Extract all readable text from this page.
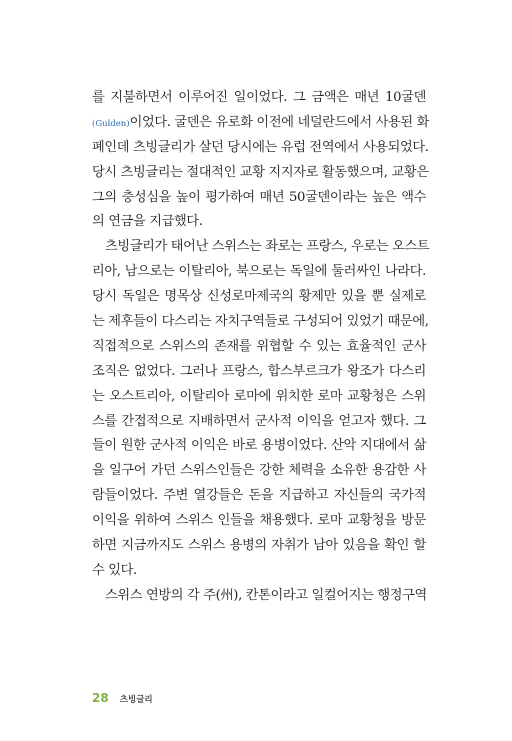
를 지불하면서 이루어진 일이었다. 그 금액은 매년 10굴덴
(Gulden)이었다. 굴덴은 유로화 이전에 네덜란드에서 사용된 화
폐인데 츠빙글리가 살던 당시에는 유럽 전역에서 사용되었다.
당시 츠빙글리는 절대적인 교황 지지자로 활동했으며, 교황은
그의 충성심을 높이 평가하여 매년 50굴덴이라는 높은 액수
의 연금을 지급했다.
츠빙글리가 태어난 스위스는 좌로는 프랑스, 우로는 오스트
리아, 남으로는 이탈리아, 북으로는 독일에 둘러싸인 나라다.
당시 독일은 명목상 신성로마제국의 황제만 있을 뿐 실제로
는 제후들이 다스리는 자치구역들로 구성되어 있었기 때문에,
직접적으로 스위스의 존재를 위협할 수 있는 효율적인 군사
조직은 없었다. 그러나 프랑스, 합스부르크가 왕조가 다스리
는 오스트리아, 이탈리아 로마에 위치한 로마 교황청은 스위
스를 간접적으로 지배하면서 군사적 이익을 얻고자 했다. 그
들이 원한 군사적 이익은 바로 용병이었다. 산악 지대에서 삶
을 일구어 가던 스위스인들은 강한 체력을 소유한 용감한 사
람들이었다. 주변 열강들은 돈을 지급하고 자신들의 국가적
이익을 위하여 스위스 인들을 채용했다. 로마 교황청을 방문
하면 지금까지도 스위스 용병의 자취가 남아 있음을 확인 할
수 있다.
스위스 연방의 각 주(州), 칸톤이라고 일컬어지는 행정구역
28 츠빙글리
